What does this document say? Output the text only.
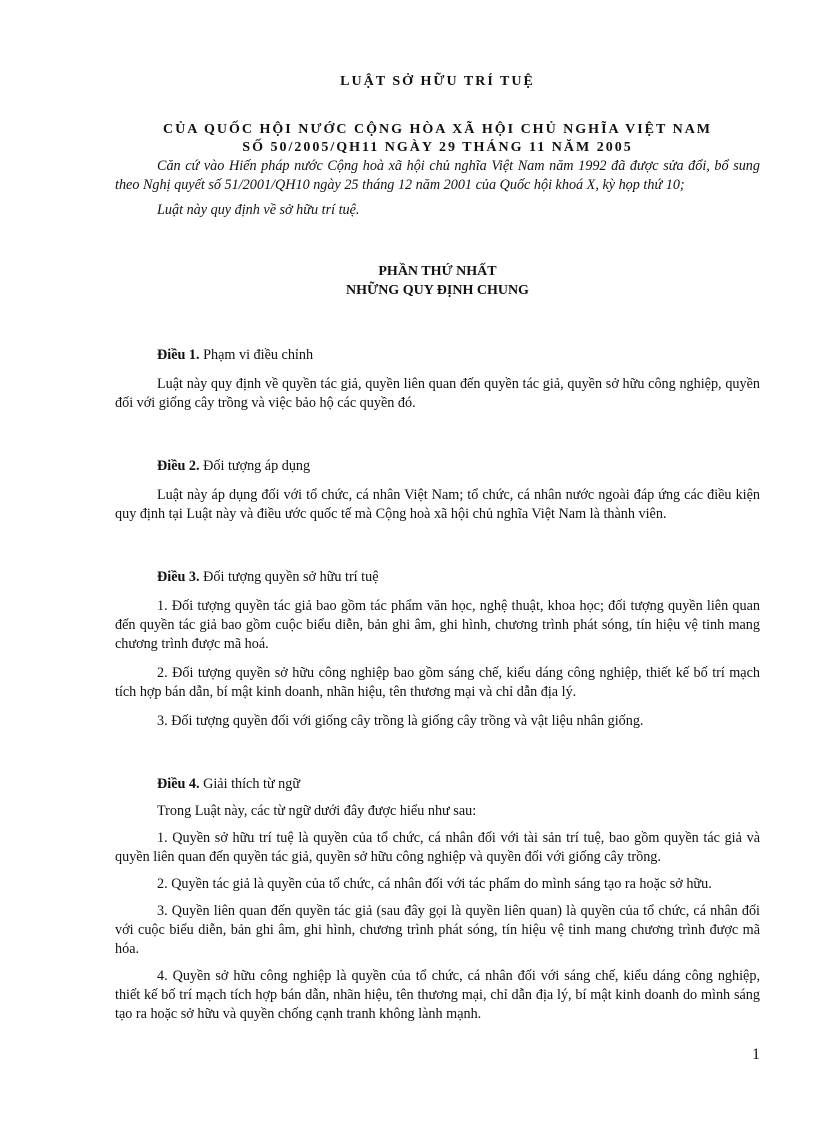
LUẬT SỞ HỮU TRÍ TUỆ
CỦA QUỐC HỘI NƯỚC CỘNG HÒA XÃ HỘI CHỦ NGHĨA VIỆT NAM
SỐ 50/2005/QH11 NGÀY 29 THÁNG 11 NĂM 2005

Căn cứ vào Hiến pháp nước Cộng hoà xã hội chủ nghĩa Việt Nam năm 1992 đã được sửa đổi, bổ sung theo Nghị quyết số 51/2001/QH10 ngày 25 tháng 12 năm 2001 của Quốc hội khoá X, kỳ họp thứ 10;

Luật này quy định về sở hữu trí tuệ.

PHẦN THỨ NHẤT
NHỮNG QUY ĐỊNH CHUNG
Điều 1. Phạm vi điều chỉnh

Luật này quy định về quyền tác giả, quyền liên quan đến quyền tác giả, quyền sở hữu công nghiệp, quyền đối với giống cây trồng và việc bảo hộ các quyền đó.

Điều 2. Đối tượng áp dụng

Luật này áp dụng đối với tổ chức, cá nhân Việt Nam; tổ chức, cá nhân nước ngoài đáp ứng các điều kiện quy định tại Luật này và điều ước quốc tế mà Cộng hoà xã hội chủ nghĩa Việt Nam là thành viên.

Điều 3. Đối tượng quyền sở hữu trí tuệ

1. Đối tượng quyền tác giả bao gồm tác phẩm văn học, nghệ thuật, khoa học; đối tượng quyền liên quan đến quyền tác giả bao gồm cuộc biểu diễn, bản ghi âm, ghi hình, chương trình phát sóng, tín hiệu vệ tinh mang chương trình được mã hoá.

2. Đối tượng quyền sở hữu công nghiệp bao gồm sáng chế, kiểu dáng công nghiệp, thiết kế bố trí mạch tích hợp bán dẫn, bí mật kinh doanh, nhãn hiệu, tên thương mại và chỉ dẫn địa lý.

3. Đối tượng quyền đối với giống cây trồng là giống cây trồng và vật liệu nhân giống.

Điều 4. Giải thích từ ngữ

Trong Luật này, các từ ngữ dưới đây được hiểu như sau:

1. Quyền sở hữu trí tuệ là quyền của tổ chức, cá nhân đối với tài sản trí tuệ, bao gồm quyền tác giả và quyền liên quan đến quyền tác giả, quyền sở hữu công nghiệp và quyền đối với giống cây trồng.

2. Quyền tác giả là quyền của tổ chức, cá nhân đối với tác phẩm do mình sáng tạo ra hoặc sở hữu.

3. Quyền liên quan đến quyền tác giả (sau đây gọi là quyền liên quan) là quyền của tổ chức, cá nhân đối với cuộc biểu diễn, bản ghi âm, ghi hình, chương trình phát sóng, tín hiệu vệ tinh mang chương trình được mã hóa.

4. Quyền sở hữu công nghiệp là quyền của tổ chức, cá nhân đối với sáng chế, kiểu dáng công nghiệp, thiết kế bố trí mạch tích hợp bán dẫn, nhãn hiệu, tên thương mại, chỉ dẫn địa lý, bí mật kinh doanh do mình sáng tạo ra hoặc sở hữu và quyền chống cạnh tranh không lành mạnh.

1
